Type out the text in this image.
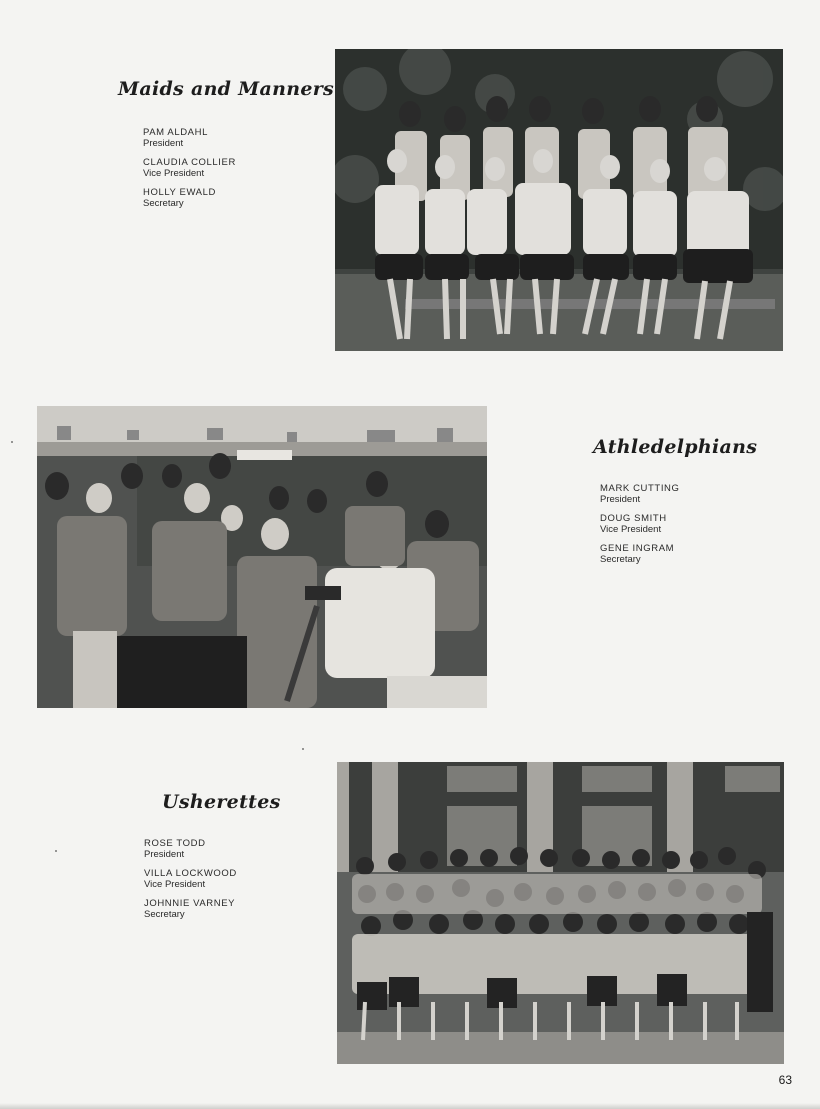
Maids and Manners
PAM ALDAHL
President
CLAUDIA COLLIER
Vice President
HOLLY EWALD
Secretary
Athledelphians
MARK CUTTING
President
DOUG SMITH
Vice President
GENE INGRAM
Secretary
Usherettes
ROSE TODD
President
VILLA LOCKWOOD
Vice President
JOHNNIE VARNEY
Secretary
63
